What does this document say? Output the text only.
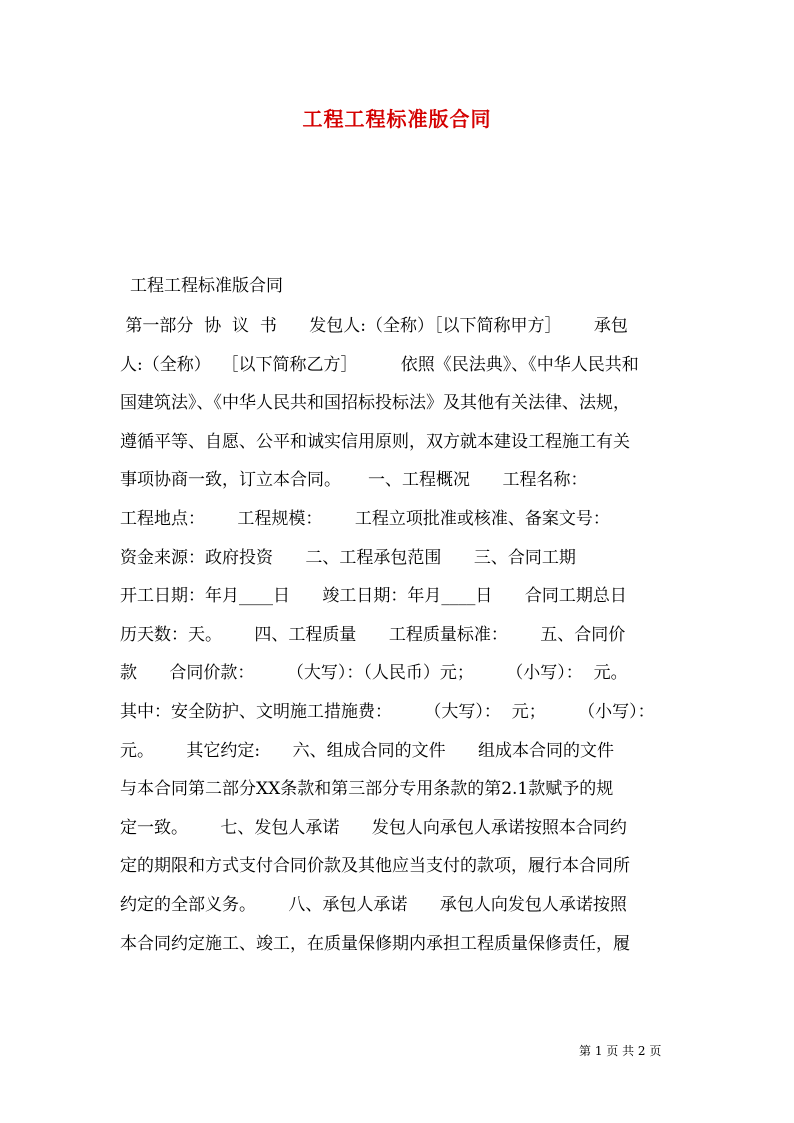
工程工程标准版合同

工程工程标准版合同

第一部分  协  议  书      发包人:（全称）［以下简称甲方］      承包
人:（全称）  ［以下简称乙方］        依照《民法典》、《中华人民共和
国建筑法》、《中华人民共和国招标投标法》及其他有关法律、法规，
遵循平等、自愿、公平和诚实信用原则，双方就本建设工程施工有关
事项协商一致，订立本合同。     一、工程概况      工程名称：
工程地点：      工程规模：      工程立项批准或核准、备案文号：
资金来源：政府投资      二、工程承包范围      三、合同工期
开工日期：年月____日      竣工日期：年月____日      合同工期总日
历天数：天。      四、工程质量      工程质量标准：      五、合同价
款      合同价款：      （大写）：（人民币）元；      （小写）：  元。
其中：安全防护、文明施工措施费：      （大写）：  元；      （小写）：
元。      其它约定:      六、组成合同的文件      组成本合同的文件
与本合同第二部分XX条款和第三部分专用条款的第2.1款赋予的规
定一致。      七、发包人承诺      发包人向承包人承诺按照本合同约
定的期限和方式支付合同价款及其他应当支付的款项，履行本合同所
约定的全部义务。      八、承包人承诺      承包人向发包人承诺按照
本合同约定施工、竣工，在质量保修期内承担工程质量保修责任，履

第 1 页 共 2 页
